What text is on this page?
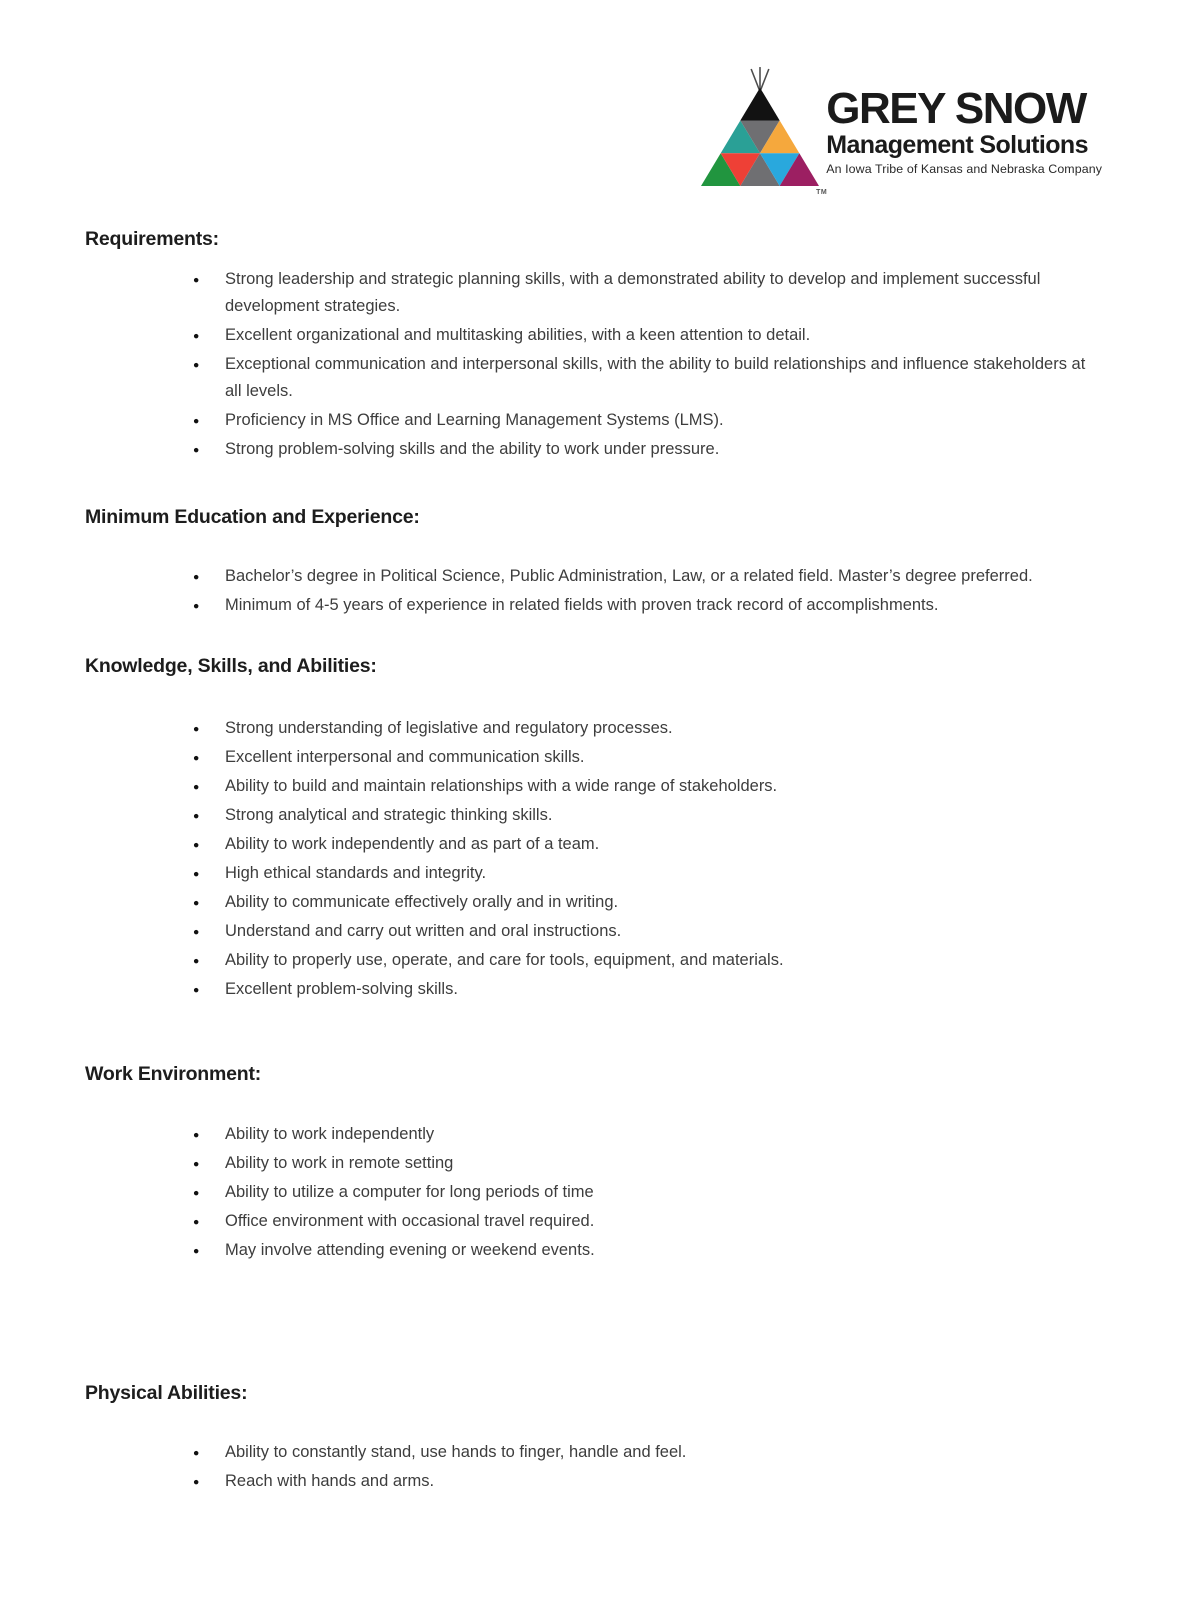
TM
GREY SNOW
Management Solutions
An Iowa Tribe of Kansas and Nebraska Company
Requirements:
● Strong leadership and strategic planning skills, with a demonstrated ability to develop and implement successful development strategies.
● Excellent organizational and multitasking abilities, with a keen attention to detail.
● Exceptional communication and interpersonal skills, with the ability to build relationships and influence stakeholders at all levels.
● Proficiency in MS Office and Learning Management Systems (LMS).
● Strong problem-solving skills and the ability to work under pressure.
Minimum Education and Experience:
● Bachelor’s degree in Political Science, Public Administration, Law, or a related field. Master’s degree preferred.
● Minimum of 4-5 years of experience in related fields with proven track record of accomplishments.
Knowledge, Skills, and Abilities:
● Strong understanding of legislative and regulatory processes.
● Excellent interpersonal and communication skills.
● Ability to build and maintain relationships with a wide range of stakeholders.
● Strong analytical and strategic thinking skills.
● Ability to work independently and as part of a team.
● High ethical standards and integrity.
● Ability to communicate effectively orally and in writing.
● Understand and carry out written and oral instructions.
● Ability to properly use, operate, and care for tools, equipment, and materials.
● Excellent problem-solving skills.
Work Environment:
● Ability to work independently
● Ability to work in remote setting
● Ability to utilize a computer for long periods of time
● Office environment with occasional travel required.
● May involve attending evening or weekend events.
Physical Abilities:
● Ability to constantly stand, use hands to finger, handle and feel.
● Reach with hands and arms.
